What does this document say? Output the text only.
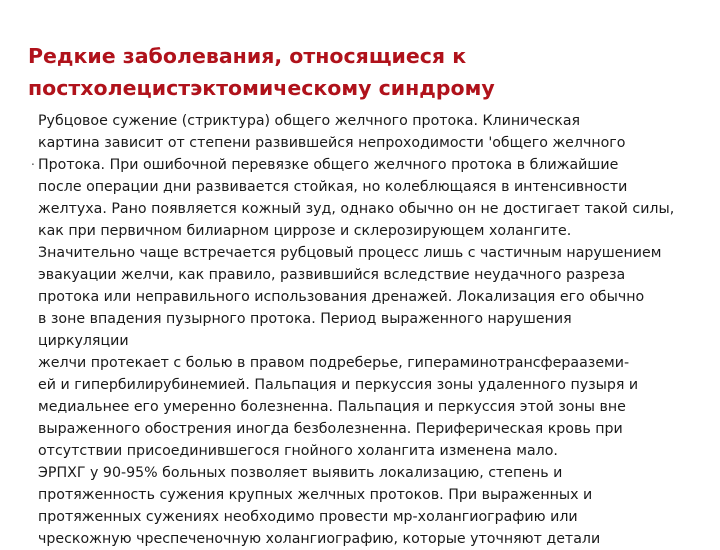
Редкие заболевания, относящиеся к
постхолецистэктомическому синдрому
.
Рубцовое сужение (стриктура) общего желчного протока. Клиническая
картина зависит от степени развившейся непроходимости 'общего желчного
Протока. При ошибочной перевязке общего желчного протока в ближайшие
после операции дни развивается стойкая, но колеблющаяся в интенсивности
желтуха. Рано появляется кожный зуд, однако обычно он не достигает такой силы,
как при первичном билиарном циррозе и склерозирующем холангите.
Значительно чаще встречается рубцовый процесс лишь с частичным нарушением
эвакуации желчи, как правило, развившийся вследствие неудачного разреза
протока или неправильного использования дренажей. Локализация его обычно
в зоне впадения пузырного протока. Период выраженного нарушения
циркуляции
желчи протекает с болью в правом подреберье, гипераминотрансферааземи-
ей и гипербилирубинемией. Пальпация и перкуссия зоны удаленного пузыря и
медиальнее его умеренно болезненна. Пальпация и перкуссия этой зоны вне
выраженного обострения иногда безболезненна. Периферическая кровь при
отсутствии присоединившегося гнойного холангита изменена мало.
ЭРПХГ у 90-95% больных позволяет выявить локализацию, степень и
протяженность сужения крупных желчных протоков. При выраженных и
протяженных сужениях необходимо провести мр-холангиографию или
чрескожную чреспеченочную холангиографию, которые уточняют детали
